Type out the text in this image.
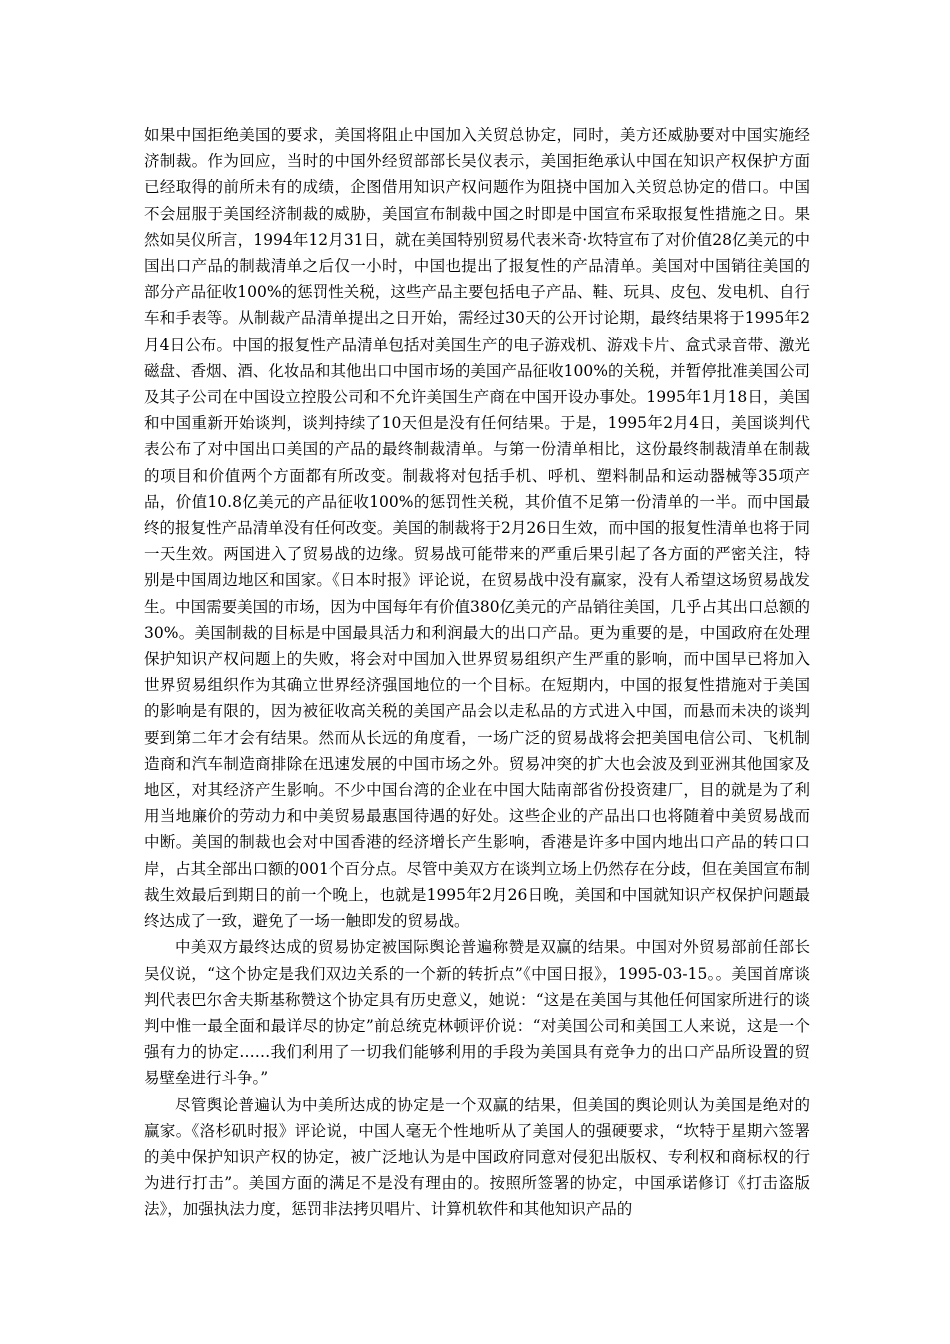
如果中国拒绝美国的要求，美国将阻止中国加入关贸总协定，同时，美方还威胁要对中国实施经济制裁。作为回应，当时的中国外经贸部部长吴仪表示，美国拒绝承认中国在知识产权保护方面已经取得的前所未有的成绩，企图借用知识产权问题作为阻挠中国加入关贸总协定的借口。中国不会屈服于美国经济制裁的威胁，美国宣布制裁中国之时即是中国宣布采取报复性措施之日。果然如吴仪所言，1994年12月31日，就在美国特别贸易代表米奇·坎特宣布了对价值28亿美元的中国出口产品的制裁清单之后仅一小时，中国也提出了报复性的产品清单。美国对中国销往美国的部分产品征收100%的惩罚性关税，这些产品主要包括电子产品、鞋、玩具、皮包、发电机、自行车和手表等。从制裁产品清单提出之日开始，需经过30天的公开讨论期，最终结果将于1995年2月4日公布。中国的报复性产品清单包括对美国生产的电子游戏机、游戏卡片、盒式录音带、激光磁盘、香烟、酒、化妆品和其他出口中国市场的美国产品征收100%的关税，并暂停批准美国公司及其子公司在中国设立控股公司和不允许美国生产商在中国开设办事处。1995年1月18日，美国和中国重新开始谈判，谈判持续了10天但是没有任何结果。于是，1995年2月4日，美国谈判代表公布了对中国出口美国的产品的最终制裁清单。与第一份清单相比，这份最终制裁清单在制裁的项目和价值两个方面都有所改变。制裁将对包括手机、呼机、塑料制品和运动器械等35项产品，价值10.8亿美元的产品征收100%的惩罚性关税，其价值不足第一份清单的一半。而中国最终的报复性产品清单没有任何改变。美国的制裁将于2月26日生效，而中国的报复性清单也将于同一天生效。两国进入了贸易战的边缘。贸易战可能带来的严重后果引起了各方面的严密关注，特别是中国周边地区和国家。《日本时报》评论说，在贸易战中没有赢家，没有人希望这场贸易战发生。中国需要美国的市场，因为中国每年有价值380亿美元的产品销往美国，几乎占其出口总额的30%。美国制裁的目标是中国最具活力和利润最大的出口产品。更为重要的是，中国政府在处理保护知识产权问题上的失败，将会对中国加入世界贸易组织产生严重的影响，而中国早已将加入世界贸易组织作为其确立世界经济强国地位的一个目标。在短期内，中国的报复性措施对于美国的影响是有限的，因为被征收高关税的美国产品会以走私品的方式进入中国，而悬而未决的谈判要到第二年才会有结果。然而从长远的角度看，一场广泛的贸易战将会把美国电信公司、飞机制造商和汽车制造商排除在迅速发展的中国市场之外。贸易冲突的扩大也会波及到亚洲其他国家及地区，对其经济产生影响。不少中国台湾的企业在中国大陆南部省份投资建厂，目的就是为了利用当地廉价的劳动力和中美贸易最惠国待遇的好处。这些企业的产品出口也将随着中美贸易战而中断。美国的制裁也会对中国香港的经济增长产生影响，香港是许多中国内地出口产品的转口口岸，占其全部出口额的001个百分点。尽管中美双方在谈判立场上仍然存在分歧，但在美国宣布制裁生效最后到期日的前一个晚上，也就是1995年2月26日晚，美国和中国就知识产权保护问题最终达成了一致，避免了一场一触即发的贸易战。

中美双方最终达成的贸易协定被国际舆论普遍称赞是双赢的结果。中国对外贸易部前任部长吴仪说，“这个协定是我们双边关系的一个新的转折点”《中国日报》，1995-03-15。。美国首席谈判代表巴尔舍夫斯基称赞这个协定具有历史意义，她说：“这是在美国与其他任何国家所进行的谈判中惟一最全面和最详尽的协定”前总统克林顿评价说：“对美国公司和美国工人来说，这是一个强有力的协定……我们利用了一切我们能够利用的手段为美国具有竞争力的出口产品所设置的贸易壁垒进行斗争。”

尽管舆论普遍认为中美所达成的协定是一个双赢的结果，但美国的舆论则认为美国是绝对的赢家。《洛杉矶时报》评论说，中国人毫无个性地听从了美国人的强硬要求，“坎特于星期六签署的美中保护知识产权的协定，被广泛地认为是中国政府同意对侵犯出版权、专利权和商标权的行为进行打击”。美国方面的满足不是没有理由的。按照所签署的协定，中国承诺修订《打击盗版法》，加强执法力度，惩罚非法拷贝唱片、计算机软件和其他知识产品的
